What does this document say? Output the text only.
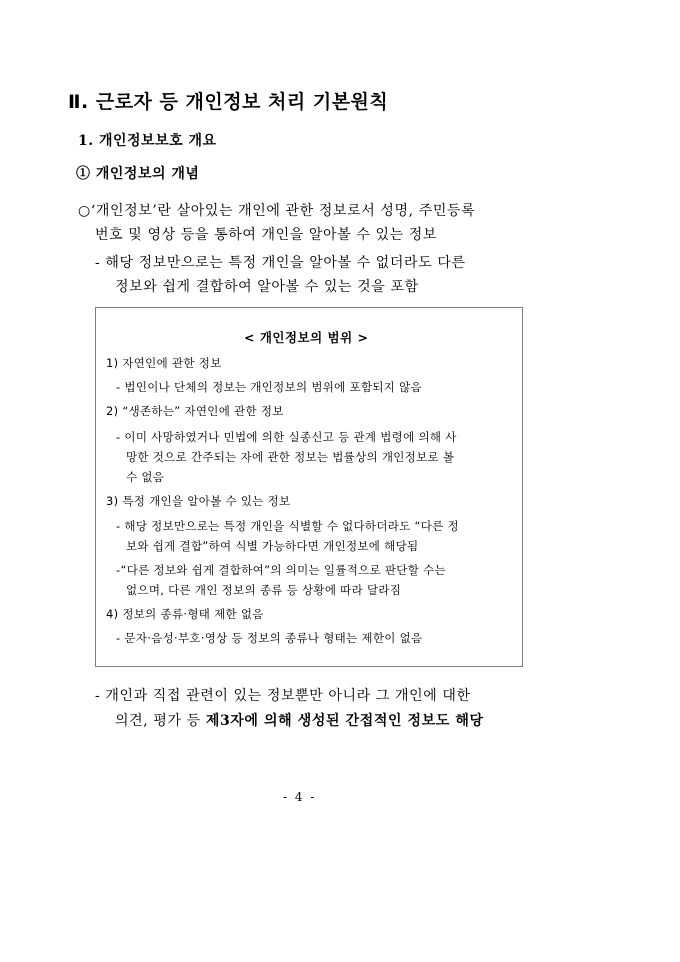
Ⅱ. 근로자 등 개인정보 처리 기본원칙
1. 개인정보보호 개요
① 개인정보의 개념
○‘개인정보’란 살아있는 개인에 관한 정보로서 성명, 주민등록
번호 및 영상 등을 통하여 개인을 알아볼 수 있는 정보
- 해당 정보만으로는 특정 개인을 알아볼 수 없더라도 다른
정보와 쉽게 결합하여 알아볼 수 있는 것을 포함
< 개인정보의 범위 >
1) 자연인에 관한 정보
- 법인이나 단체의 정보는 개인정보의 범위에 포함되지 않음
2) “생존하는” 자연인에 관한 정보
- 이미 사망하였거나 민법에 의한 실종신고 등 관계 법령에 의해 사
망한 것으로 간주되는 자에 관한 정보는 법률상의 개인정보로 볼
수 없음
3) 특정 개인을 알아볼 수 있는 정보
- 해당 정보만으로는 특정 개인을 식별할 수 없다하더라도 “다른 정
보와 쉽게 결합”하여 식별 가능하다면 개인정보에 해당됨
-“다른 정보와 쉽게 결합하여”의 의미는 일률적으로 판단할 수는
없으며, 다른 개인 정보의 종류 등 상황에 따라 달라짐
4) 정보의 종류·형태 제한 없음
- 문자·음성·부호·영상 등 정보의 종류나 형태는 제한이 없음
- 개인과 직접 관련이 있는 정보뿐만 아니라 그 개인에 대한
의견, 평가 등 제3자에 의해 생성된 간접적인 정보도 해당
- 4 -
